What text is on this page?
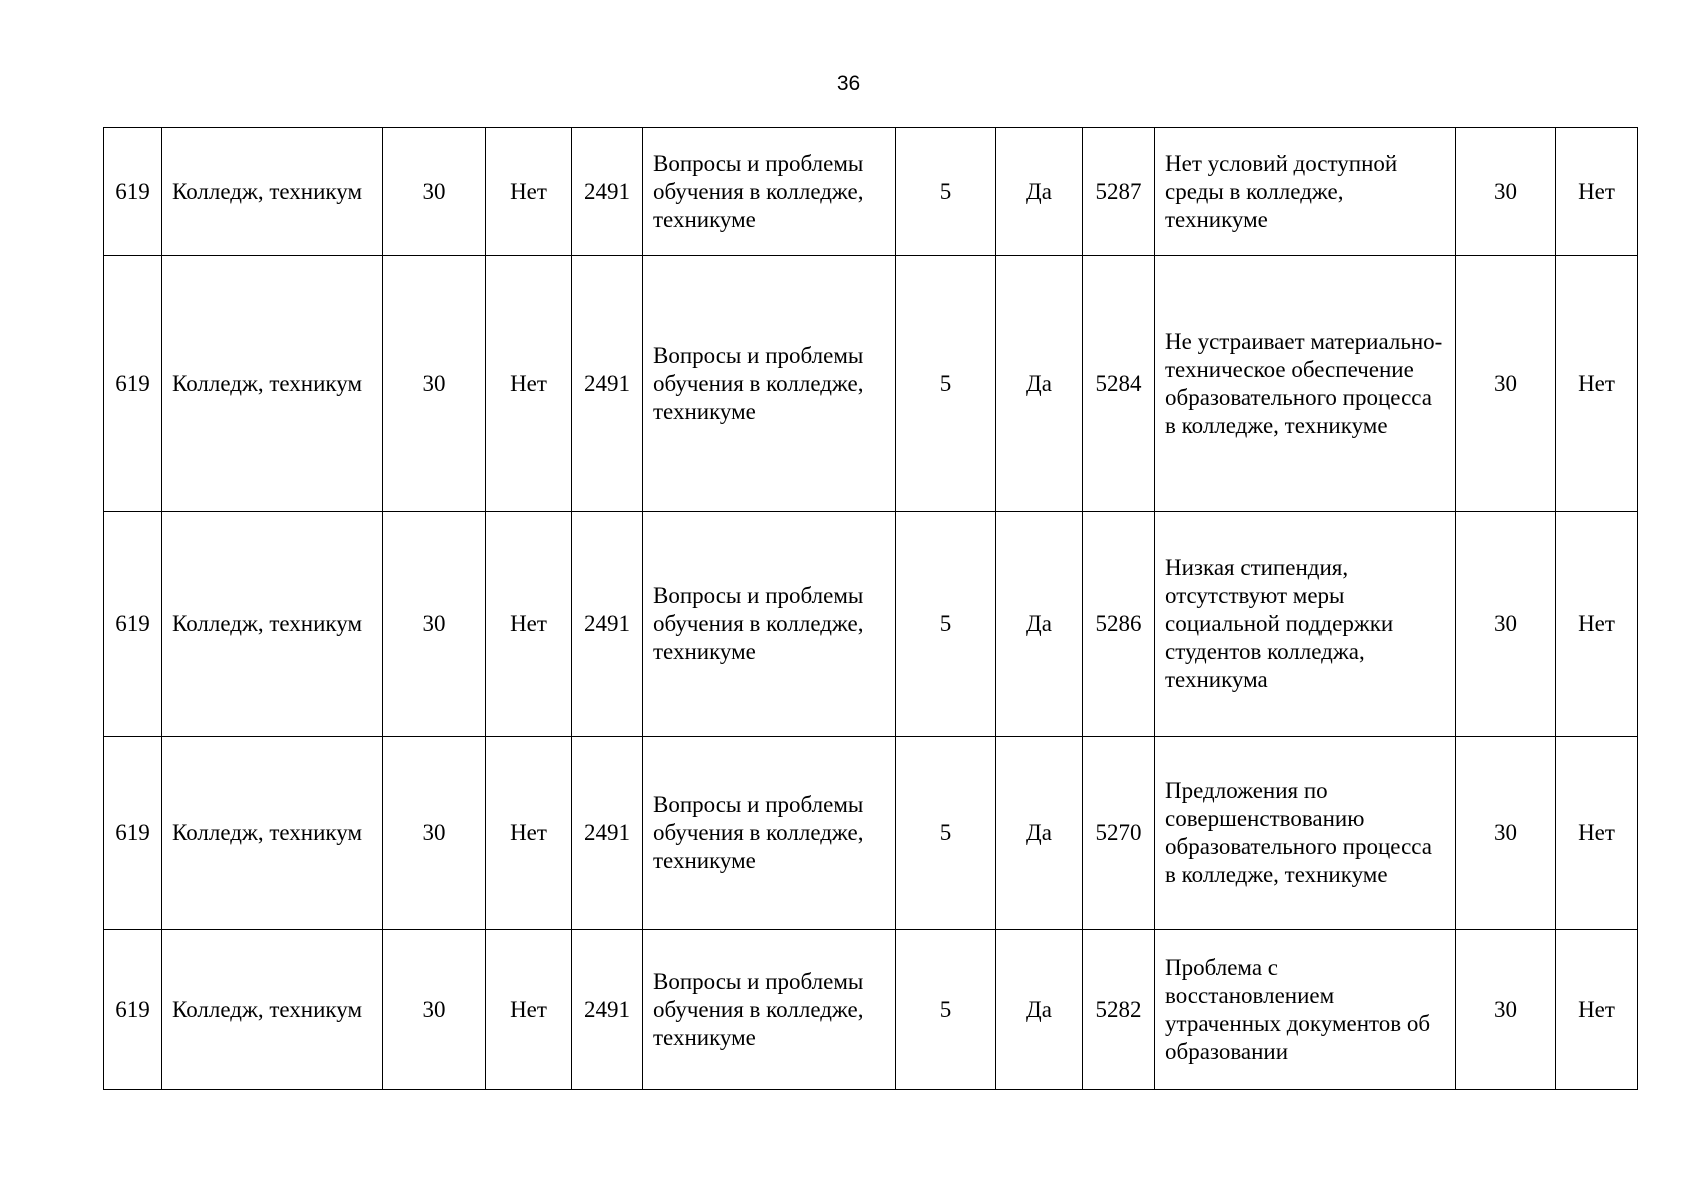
36
619	Колледж, техникум	30	Нет	2491	Вопросы и проблемы обучения в колледже, техникуме	5	Да	5287	Нет условий доступной среды в колледже, техникуме	30	Нет
619	Колледж, техникум	30	Нет	2491	Вопросы и проблемы обучения в колледже, техникуме	5	Да	5284	Не устраивает материально-техническое обеспечение образовательного процесса в колледже, техникуме	30	Нет
619	Колледж, техникум	30	Нет	2491	Вопросы и проблемы обучения в колледже, техникуме	5	Да	5286	Низкая стипендия, отсутствуют меры социальной поддержки студентов колледжа, техникума	30	Нет
619	Колледж, техникум	30	Нет	2491	Вопросы и проблемы обучения в колледже, техникуме	5	Да	5270	Предложения по совершенствованию образовательного процесса в колледже, техникуме	30	Нет
619	Колледж, техникум	30	Нет	2491	Вопросы и проблемы обучения в колледже, техникуме	5	Да	5282	Проблема с восстановлением утраченных документов об образовании	30	Нет
